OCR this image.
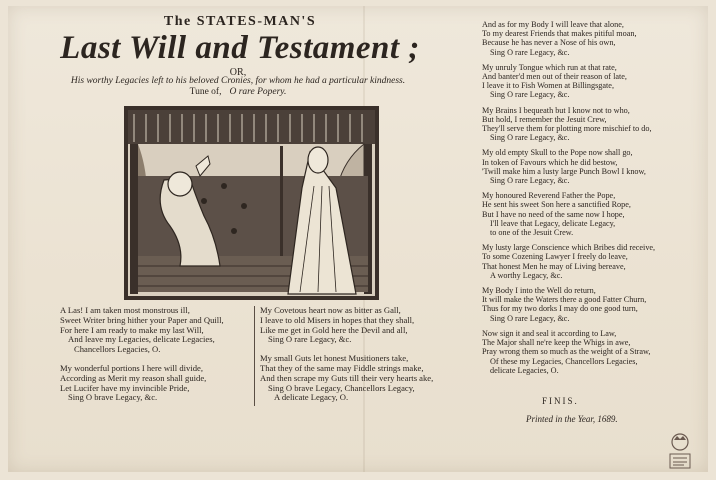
The STATES-MAN'S
Last Will and Testament ;
OR,
His worthy Legacies left to his beloved Cronies, for whom he had a particular kindness.
Tune of, O rare Popery.
A Las! I am taken most monstrous ill,
Sweet Writer bring hither your Paper and Quill,
For here I am ready to make my last Will,
And leave my Legacies, delicate Legacies,
Chancellors Legacies, O.
My wonderful portions I here will divide,
According as Merit my reason shall guide,
Let Lucifer have my invincible Pride,
Sing O brave Legacy, &c.
My Covetous heart now as bitter as Gall,
I leave to old Misers in hopes that they shall,
Like me get in Gold here the Devil and all,
Sing O rare Legacy, &c.
My small Guts let honest Musitioners take,
That they of the same may Fiddle strings make,
And then scrape my Guts till their very hearts ake,
Sing O brave Legacy, Chancellors Legacy,
A delicate Legacy, O.
And as for my Body I will leave that alone,
To my dearest Friends that makes pitiful moan,
Because he has never a Nose of his own,
Sing O rare Legacy, &c.
My unruly Tongue which run at that rate,
And banter'd men out of their reason of late,
I leave it to Fish Women at Billingsgate,
Sing O rare Legacy, &c.
My Brains I bequeath but I know not to who,
But hold, I remember the Jesuit Crew,
They'll serve them for plotting more mischief to do,
Sing O rare Legacy, &c.
My old empty Skull to the Pope now shall go,
In token of Favours which he did bestow,
'Twill make him a lusty large Punch Bowl I know,
Sing O rare Legacy, &c.
My honoured Reverend Father the Pope,
He sent his sweet Son here a sanctified Rope,
But I have no need of the same now I hope,
I'll leave that Legacy, delicate Legacy,
to one of the Jesuit Crew.
My lusty large Conscience which Bribes did receive,
To some Cozening Lawyer I freely do leave,
That honest Men he may of Living bereave,
A worthy Legacy, &c.
My Body I into the Well do return,
It will make the Waters there a good Fatter Churn,
Thus for my two dorks I may do one good turn,
Sing O rare Legacy, &c.
Now sign it and seal it according to Law,
The Major shall ne're keep the Whigs in awe,
Pray wrong them so much as the weight of a Straw,
Of these my Legacies, Chancellors Legacies,
delicate Legacies, O.
FINIS.
Printed in the Year, 1689.
